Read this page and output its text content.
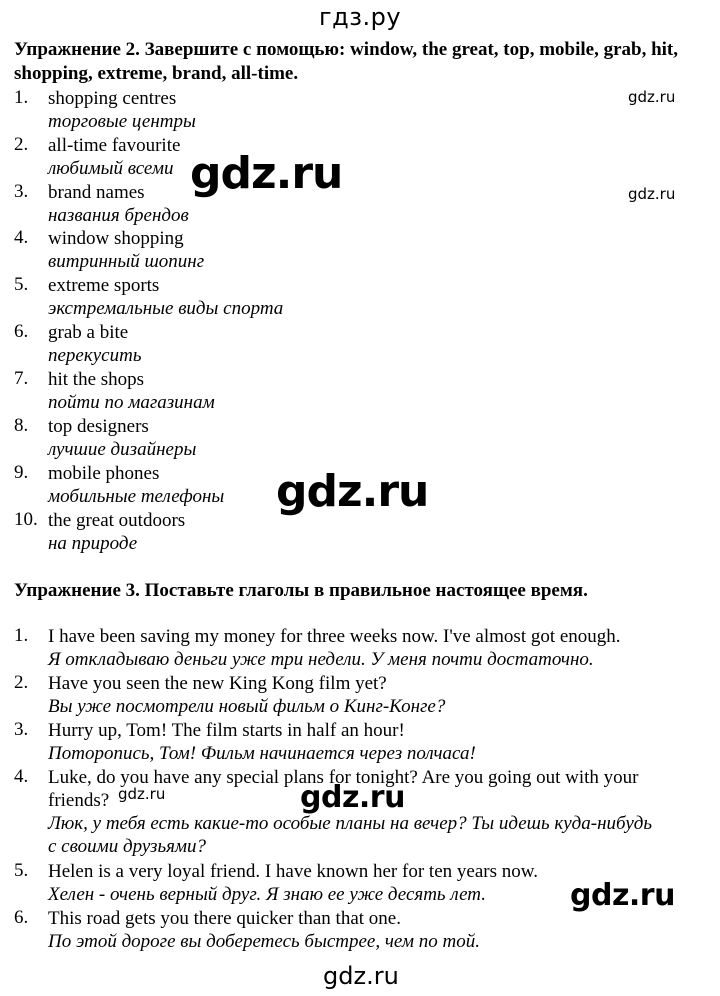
гдз.ру
Упражнение 2. Завершите с помощью: window, the great, top, mobile, grab, hit, shopping, extreme, brand, all-time.
1. shopping centres
торговые центры
2. all-time favourite
любимый всеми
3. brand names
названия брендов
4. window shopping
витринный шопинг
5. extreme sports
экстремальные виды спорта
6. grab a bite
перекусить
7. hit the shops
пойти по магазинам
8. top designers
лучшие дизайнеры
9. mobile phones
мобильные телефоны
10. the great outdoors
на природе
Упражнение 3. Поставьте глаголы в правильное настоящее время.
1. I have been saving my money for three weeks now. I've almost got enough.
Я откладываю деньги уже три недели. У меня почти достаточно.
2. Have you seen the new King Kong film yet?
Вы уже посмотрели новый фильм о Кинг-Конге?
3. Hurry up, Tom! The film starts in half an hour!
Поторопись, Том! Фильм начинается через полчаса!
4. Luke, do you have any special plans for tonight? Are you going out with your
friends?
Люк, у тебя есть какие-то особые планы на вечер? Ты идешь куда-нибудь
с своими друзьями?
5. Helen is a very loyal friend. I have known her for ten years now.
Хелен - очень верный друг. Я знаю ее уже десять лет.
6. This road gets you there quicker than that one.
По этой дороге вы доберетесь быстрее, чем по той.
gdz.ru
gdz.ru
gdz.ru
gdz.ru
gdz.ru	gdz.ru
gdz.ru
gdz.ru
